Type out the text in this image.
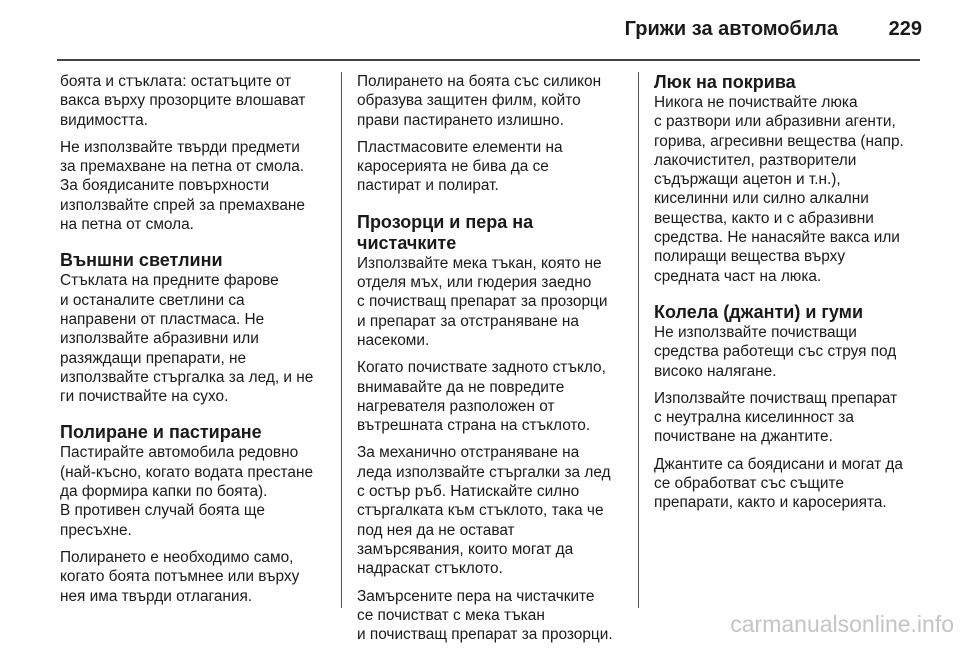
Грижи за автомобила	229

боята и стъклата: остатъците от
вакса върху прозорците влошават
видимостта.

Не използвайте твърди предмети
за премахване на петна от смола.
За боядисаните повърхности
използвайте спрей за премахване
на петна от смола.

Външни светлини

Стъклата на предните фарове
и останалите светлини са
направени от пластмаса. Не
използвайте абразивни или
разяждащи препарати, не
използвайте стъргалка за лед, и не
ги почиствайте на сухо.

Полиране и пастиране

Пастирайте автомобила редовно
(най-късно, когато водата престане
да формира капки по боята).
В противен случай боята ще
пресъхне.

Полирането е необходимо само,
когато боята потъмнее или върху
нея има твърди отлагания.

Полирането на боята със силикон
образува защитен филм, който
прави пастирането излишно.

Пластмасовите елементи на
каросерията не бива да се
пастират и полират.

Прозорци и пера на
чистачките

Използвайте мека тъкан, която не
отделя мъх, или гюдерия заедно
с почистващ препарат за прозорци
и препарат за отстраняване на
насекоми.

Когато почиствате задното стъкло,
внимавайте да не повредите
нагревателя разположен от
вътрешната страна на стъклото.

За механично отстраняване на
леда използвайте стъргалки за лед
с остър ръб. Натискайте силно
стъргалката към стъклото, така че
под нея да не остават
замърсявания, които могат да
надраскат стъклото.

Замърсените пера на чистачките
се почистват с мека тъкан
и почистващ препарат за прозорци.

Люк на покрива

Никога не почиствайте люка
с разтвори или абразивни агенти,
горива, агресивни вещества (напр.
лакочистител, разтворители
съдържащи ацетон и т.н.),
киселинни или силно алкални
вещества, както и с абразивни
средства. Не нанасяйте вакса или
полиращи вещества върху
средната част на люка.

Колела (джанти) и гуми

Не използвайте почистващи
средства работещи със струя под
високо налягане.

Използвайте почистващ препарат
с неутрална киселинност за
почистване на джантите.

Джантите са боядисани и могат да
се обработват със същите
препарати, както и каросерията.

carmanualsonline.info
